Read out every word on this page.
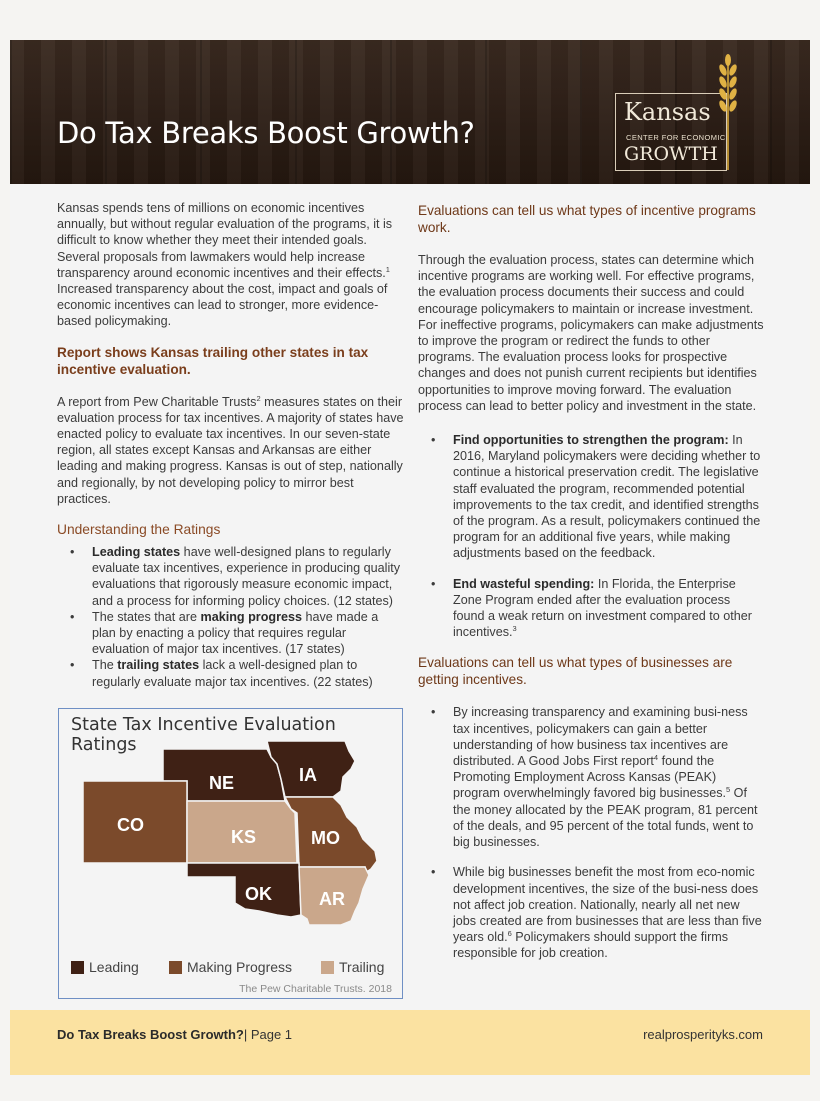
Do Tax Breaks Boost Growth?
Kansas
CENTER FOR ECONOMIC
GROWTH

Kansas spends tens of millions on economic incentives annually, but without regular evaluation of the programs, it is difficult to know whether they meet their intended goals. Several proposals from lawmakers would help increase transparency around economic incentives and their effects.$^1$ Increased transparency about the cost, impact and goals of economic incentives can lead to stronger, more evidence-based policymaking.

Report shows Kansas trailing other states in tax incentive evaluation.

A report from Pew Charitable Trusts$^2$ measures states on their evaluation process for tax incentives. A majority of states have enacted policy to evaluate tax incentives. In our seven-state region, all states except Kansas and Arkansas are either leading and making progress. Kansas is out of step, nationally and regionally, by not developing policy to mirror best practices.

Understanding the Ratings
• Leading states have well-designed plans to regularly evaluate tax incentives, experience in producing quality evaluations that rigorously measure economic impact, and a process for informing policy choices. (12 states)
• The states that are making progress have made a plan by enacting a policy that requires regular evaluation of major tax incentives. (17 states)
• The trailing states lack a well-designed plan to regularly evaluate major tax incentives. (22 states)
State Tax Incentive Evaluation Ratings
NE	IA
CO
KS	MO
OK	AR
Leading	Making Progress	Trailing
The Pew Charitable Trusts. 2018
Evaluations can tell us what types of incentive programs work.

Through the evaluation process, states can determine which incentive programs are working well. For effective programs, the evaluation process documents their success and could encourage policymakers to maintain or increase investment. For ineffective programs, policymakers can make adjustments to improve the program or redirect the funds to other programs. The evaluation process looks for prospective changes and does not punish current recipients but identifies opportunities to improve moving forward. The evaluation process can lead to better policy and investment in the state.

• Find opportunities to strengthen the program: In 2016, Maryland policymakers were deciding whether to continue a historical preservation credit. The legislative staff evaluated the program, recommended potential improvements to the tax credit, and identified strengths of the program. As a result, policymakers continued the program for an additional five years, while making adjustments based on the feedback.
• End wasteful spending: In Florida, the Enterprise Zone Program ended after the evaluation process found a weak return on investment compared to other incentives.$^3$
Evaluations can tell us what types of businesses are getting incentives.
• By increasing transparency and examining busi-ness tax incentives, policymakers can gain a better understanding of how business tax incentives are distributed. A Good Jobs First report$^4$ found the Promoting Employment Across Kansas (PEAK) program overwhelmingly favored big businesses.$^5$ Of the money allocated by the PEAK program, 81 percent of the deals, and 95 percent of the total funds, went to big businesses.
• While big businesses benefit the most from eco-nomic development incentives, the size of the busi-ness does not affect job creation. Nationally, nearly all net new jobs created are from businesses that are less than five years old.$^6$ Policymakers should support the firms responsible for job creation.
Do Tax Breaks Boost Growth?| Page 1	realprosperityks.com
